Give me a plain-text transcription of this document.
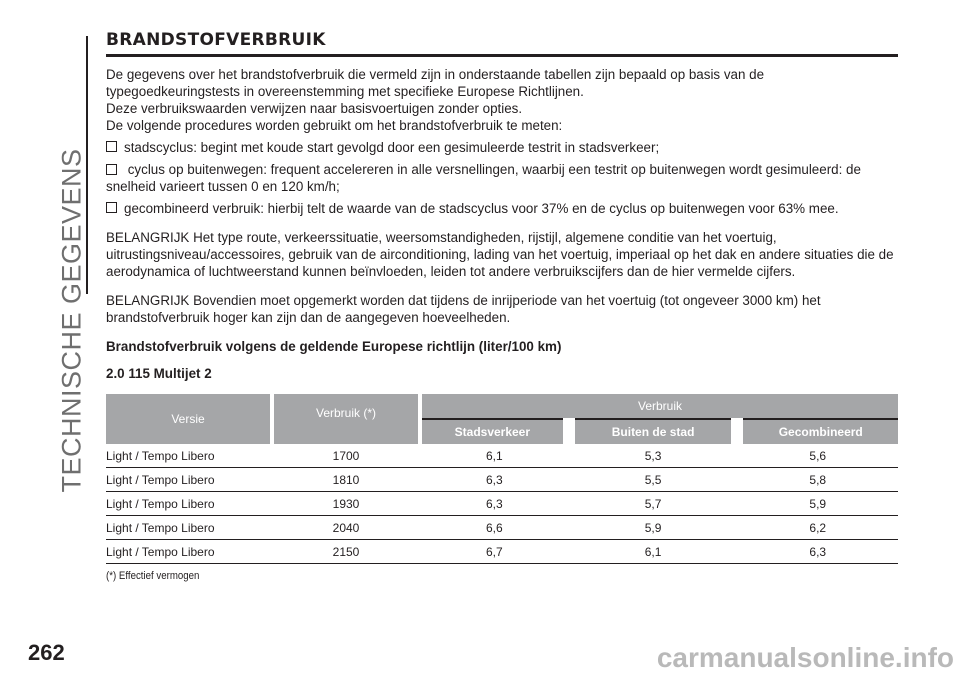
TECHNISCHE GEGEVENS
262
BRANDSTOFVERBRUIK

De gegevens over het brandstofverbruik die vermeld zijn in onderstaande tabellen zijn bepaald op basis van de typegoedkeuringstests in overeenstemming met specifieke Europese Richtlijnen.

Deze verbruikswaarden verwijzen naar basisvoertuigen zonder opties.

De volgende procedures worden gebruikt om het brandstofverbruik te meten:

stadscyclus: begint met koude start gevolgd door een gesimuleerde testrit in stadsverkeer;
cyclus op buitenwegen: frequent accelereren in alle versnellingen, waarbij een testrit op buitenwegen wordt gesimuleerd: de snelheid varieert tussen 0 en 120 km/h;
gecombineerd verbruik: hierbij telt de waarde van de stadscyclus voor 37% en de cyclus op buitenwegen voor 63% mee.

BELANGRIJK Het type route, verkeerssituatie, weersomstandigheden, rijstijl, algemene conditie van het voertuig, uitrustingsniveau/accessoires, gebruik van de airconditioning, lading van het voertuig, imperiaal op het dak en andere situaties die de aerodynamica of luchtweerstand kunnen beïnvloeden, leiden tot andere verbruikscijfers dan de hier vermelde cijfers.

BELANGRIJK Bovendien moet opgemerkt worden dat tijdens de inrijperiode van het voertuig (tot ongeveer 3000 km) het brandstofverbruik hoger kan zijn dan de aangegeven hoeveelheden.

Brandstofverbruik volgens de geldende Europese richtlijn (liter/100 km)
2.0 115 Multijet 2
Versie	Verbruik (*)	Verbruik		
		Stadsverkeer	Buiten de stad	Gecombineerd
Light / Tempo Libero	1700	6,1	5,3	5,6
Light / Tempo Libero	1810	6,3	5,5	5,8
Light / Tempo Libero	1930	6,3	5,7	5,9
Light / Tempo Libero	2040	6,6	5,9	6,2
Light / Tempo Libero	2150	6,7	6,1	6,3
(*) Effectief vermogen
carmanualsonline.info
